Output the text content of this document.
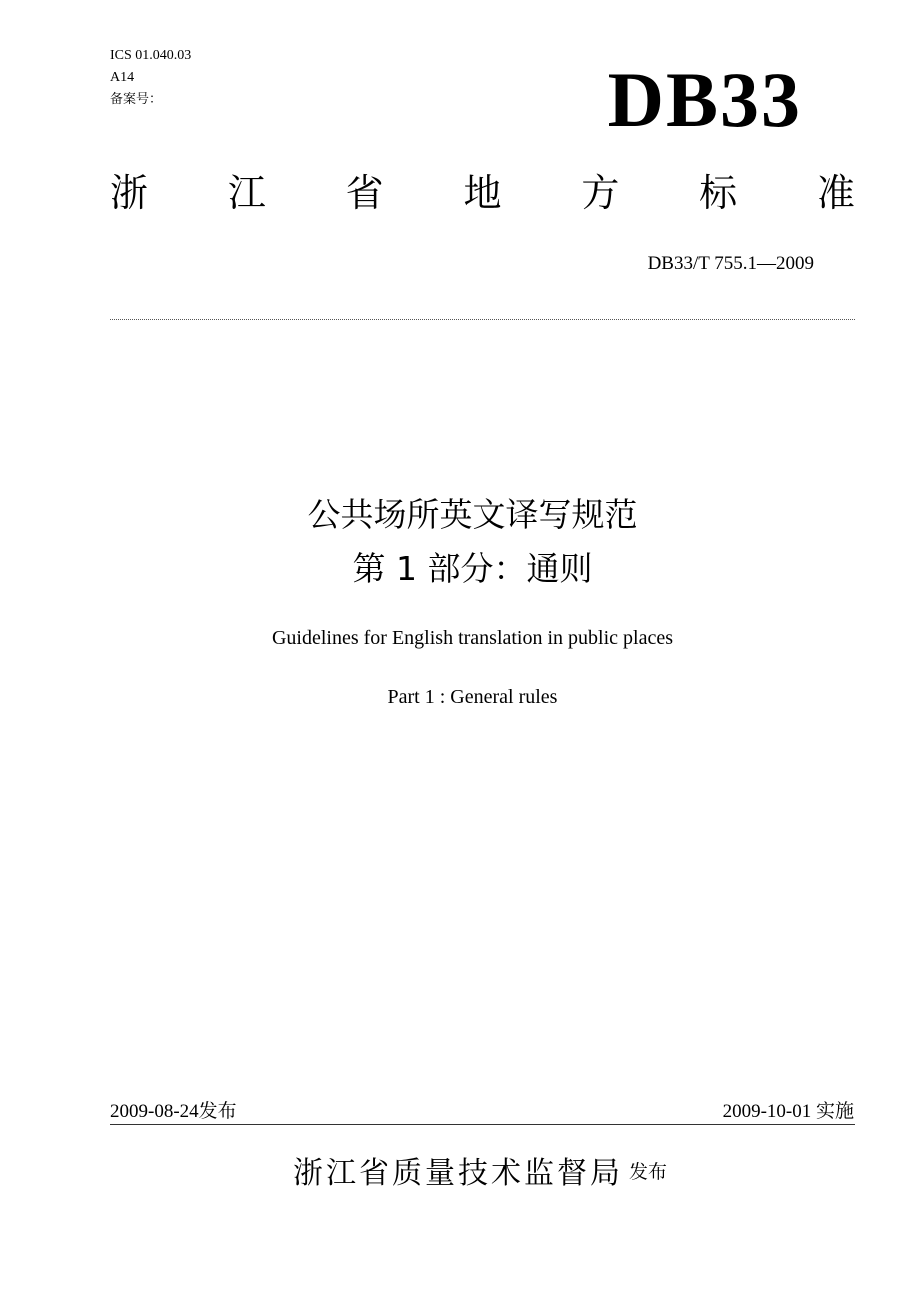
ICS 01.040.03
A14
备案号：	DB33
浙 江 省 地 方 标 准
DB33/T 755.1—2009
公共场所英文译写规范
第 1 部分：通则
Guidelines for English translation in public places
Part 1 : General rules
2009-08-24发布	2009-10-01 实施
浙江省质量技术监督局 发布
